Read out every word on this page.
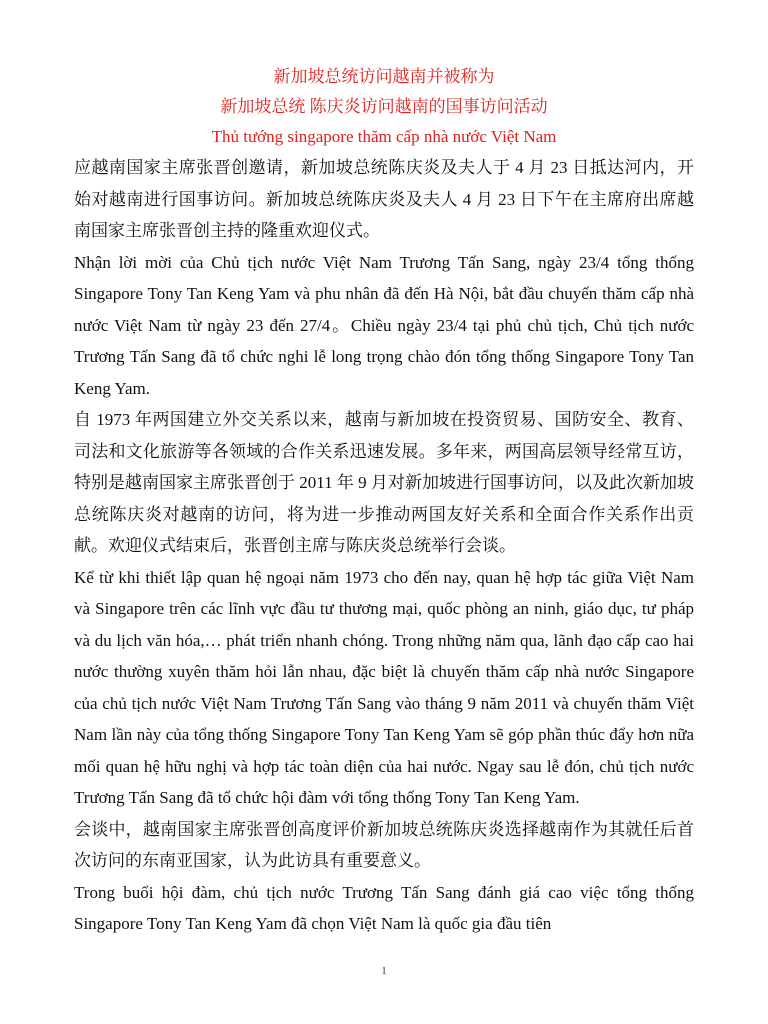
新加坡总统访问越南并被称为

新加坡总统 陈庆炎访问越南的国事访问活动

Thủ tướng singapore thăm cấp nhà nước Việt Nam

应越南国家主席张晋创邀请，新加坡总统陈庆炎及夫人于 4 月 23 日抵达河内，开始对越南进行国事访问。新加坡总统陈庆炎及夫人 4 月 23 日下午在主席府出席越南国家主席张晋创主持的隆重欢迎仪式。

Nhận lời mời của Chủ tịch nước Việt Nam Trương Tấn Sang, ngày 23/4 tổng thống Singapore Tony Tan Keng Yam và phu nhân đã đến Hà Nội, bắt đầu chuyến thăm cấp nhà nước Việt Nam từ ngày 23 đến 27/4。Chiều ngày 23/4 tại phủ chủ tịch, Chủ tịch nước Trương Tấn Sang đã tổ chức nghi lễ long trọng chào đón tổng thống Singapore Tony Tan Keng Yam.

自 1973 年两国建立外交关系以来，越南与新加坡在投资贸易、国防安全、教育、司法和文化旅游等各领域的合作关系迅速发展。多年来，两国高层领导经常互访，特别是越南国家主席张晋创于 2011 年 9 月对新加坡进行国事访问，以及此次新加坡总统陈庆炎对越南的访问，将为进一步推动两国友好关系和全面合作关系作出贡献。欢迎仪式结束后，张晋创主席与陈庆炎总统举行会谈。

Kể từ khi thiết lập quan hệ ngoại năm 1973 cho đến nay, quan hệ hợp tác giữa Việt Nam và Singapore trên các lĩnh vực đầu tư thương mại, quốc phòng an ninh, giáo dục, tư pháp và du lịch văn hóa,… phát triển nhanh chóng. Trong những năm qua, lãnh đạo cấp cao hai nước thường xuyên thăm hỏi lẫn nhau, đặc biệt là chuyến thăm cấp nhà nước Singapore của chủ tịch nước Việt Nam Trương Tấn Sang vào tháng 9 năm 2011 và chuyến thăm Việt Nam lần này của tổng thống Singapore Tony Tan Keng Yam sẽ góp phần thúc đẩy hơn nữa mối quan hệ hữu nghị và hợp tác toàn diện của hai nước. Ngay sau lễ đón, chủ tịch nước Trương Tấn Sang đã tổ chức hội đàm với tổng thống Tony Tan Keng Yam.

会谈中，越南国家主席张晋创高度评价新加坡总统陈庆炎选择越南作为其就任后首次访问的东南亚国家，认为此访具有重要意义。

Trong buổi hội đàm, chủ tịch nước Trương Tấn Sang đánh giá cao việc tổng thống Singapore Tony Tan Keng Yam đã chọn Việt Nam là quốc gia đầu tiên

1
